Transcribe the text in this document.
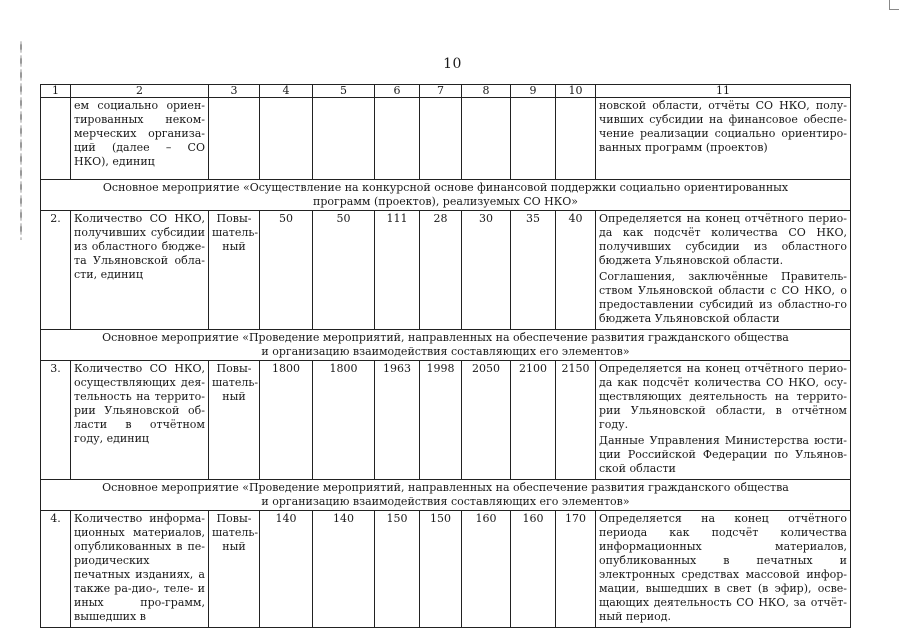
10
1	2	3	4	5	6	7	8	9	10	11
	ем социально ориен-тированных неком-мерческих организа-ций (далее – СО НКО), единиц									новской области, отчёты СО НКО, полу-чивших субсидии на финансовое обеспе-чение реализации социально ориентиро-ванных программ (проектов)
Основное мероприятие «Осуществление на конкурсной основе финансовой поддержки социально ориентированных программ (проектов), реализуемых СО НКО»										
2.	Количество СО НКО, получивших субсидии из областного бюдже-та Ульяновской обла-сти, единиц	Повы-шатель-ный	50	50	111	28	30	35	40	Определяется на конец отчётного перио-да как подсчёт количества СО НКО, получивших субсидии из областного бюджета Ульяновской области.

Соглашения, заключённые Правитель-ством Ульяновской области с СО НКО, о предоставлении субсидий из областно-го бюджета Ульяновской области

Основное мероприятие «Проведение мероприятий, направленных на обеспечение развития гражданского общества и организацию взаимодействия составляющих его элементов»										
3.	Количество СО НКО, осуществляющих дея-тельность на террито-рии Ульяновской об-ласти в отчётном году, единиц	Повы-шатель-ный	1800	1800	1963	1998	2050	2100	2150	Определяется на конец отчётного перио-да как подсчёт количества СО НКО, осу-ществляющих деятельность на террито-рии Ульяновской области, в отчётном году.

Данные Управления Министерства юсти-ции Российской Федерации по Ульянов-ской области

Основное мероприятие «Проведение мероприятий, направленных на обеспечение развития гражданского общества и организацию взаимодействия составляющих его элементов»										
4.	Количество информа-ционных материалов, опубликованных в пе-риодических печатных изданиях, а также ра-дио-, теле- и иных про-грамм, вышедших в	Повы-шатель-ный	140	140	150	150	160	160	170	Определяется на конец отчётного периода как подсчёт количества информационных материалов, опубликованных в печатных и электронных средствах массовой инфор-мации, вышедших в свет (в эфир), осве-щающих деятельность СО НКО, за отчёт-ный период.
